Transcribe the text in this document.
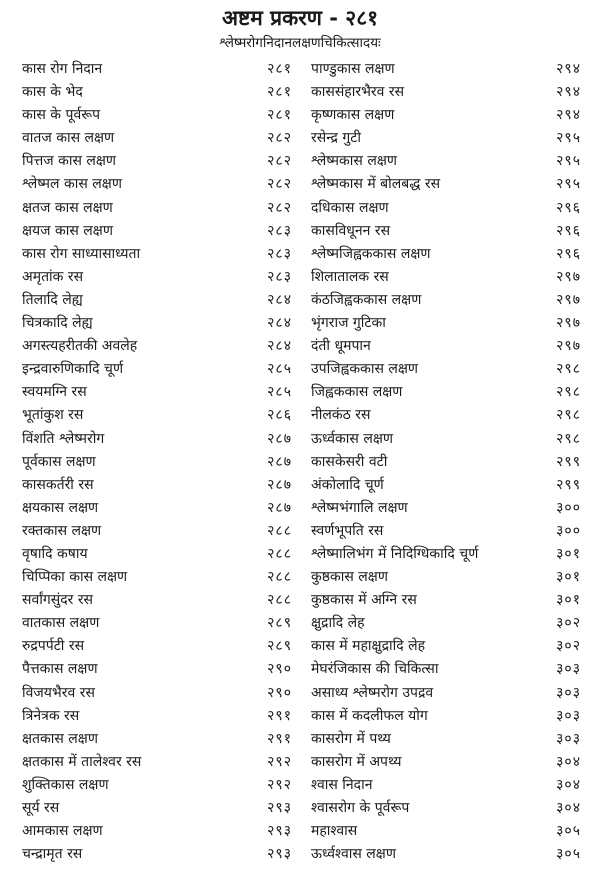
अष्टम प्रकरण - २८१
श्लेष्मरोगनिदानलक्षणचिकित्सादयः
कास रोग निदान	२८१
कास के भेद	२८१
कास के पूर्वरूप	२८१
वातज कास लक्षण	२८२
पित्तज कास लक्षण	२८२
श्लेष्मल कास लक्षण	२८२
क्षतज कास लक्षण	२८२
क्षयज कास लक्षण	२८३
कास रोग साध्यासाध्यता	२८३
अमृतांक रस	२८३
तिलादि लेह्य	२८४
चित्रकादि लेह्य	२८४
अगस्त्यहरीतकी अवलेह	२८४
इन्द्रवारुणिकादि चूर्ण	२८५
स्वयमग्नि रस	२८५
भूतांकुश रस	२८६
विंशति श्लेष्मरोग	२८७
पूर्वकास लक्षण	२८७
कासकर्तरी रस	२८७
क्षयकास लक्षण	२८७
रक्तकास लक्षण	२८८
वृषादि कषाय	२८८
चिप्पिका कास लक्षण	२८८
सर्वांगसुंदर रस	२८८
वातकास लक्षण	२८९
रुद्रपर्पटी रस	२८९
पैत्तकास लक्षण	२९०
विजयभैरव रस	२९०
त्रिनेत्रक रस	२९१
क्षतकास लक्षण	२९१
क्षतकास में तालेश्वर रस	२९२
शुक्तिकास लक्षण	२९२
सूर्य रस	२९३
आमकास लक्षण	२९३
चन्द्रामृत रस	२९३
पाण्डुकास लक्षण	२९४
काससंहारभैरव रस	२९४
कृष्णकास लक्षण	२९४
रसेन्द्र गुटी	२९५
श्लेष्मकास लक्षण	२९५
श्लेष्मकास में बोलबद्ध रस	२९५
दधिकास लक्षण	२९६
कासविधूनन रस	२९६
श्लेष्मजिह्वककास लक्षण	२९६
शिलातालक रस	२९७
कंठजिह्वककास लक्षण	२९७
भृंगराज गुटिका	२९७
दंती धूमपान	२९७
उपजिह्वककास लक्षण	२९८
जिह्वककास लक्षण	२९८
नीलकंठ रस	२९८
ऊर्ध्वकास लक्षण	२९८
कासकेसरी वटी	२९९
अंकोलादि चूर्ण	२९९
श्लेष्मभंगालि लक्षण	३००
स्वर्णभूपति रस	३००
श्लेष्मालिभंग में निदिग्धिकादि चूर्ण	३०१
कुष्ठकास लक्षण	३०१
कुष्ठकास में अग्नि रस	३०१
क्षुद्रादि लेह	३०२
कास में महाक्षुद्रादि लेह	३०२
मेघरंजिकास की चिकित्सा	३०३
असाध्य श्लेष्मरोग उपद्रव	३०३
कास में कदलीफल योग	३०३
कासरोग में पथ्य	३०३
कासरोग में अपथ्य	३०४
श्वास निदान	३०४
श्वासरोग के पूर्वरूप	३०४
महाश्वास	३०५
ऊर्ध्वश्वास लक्षण	३०५
